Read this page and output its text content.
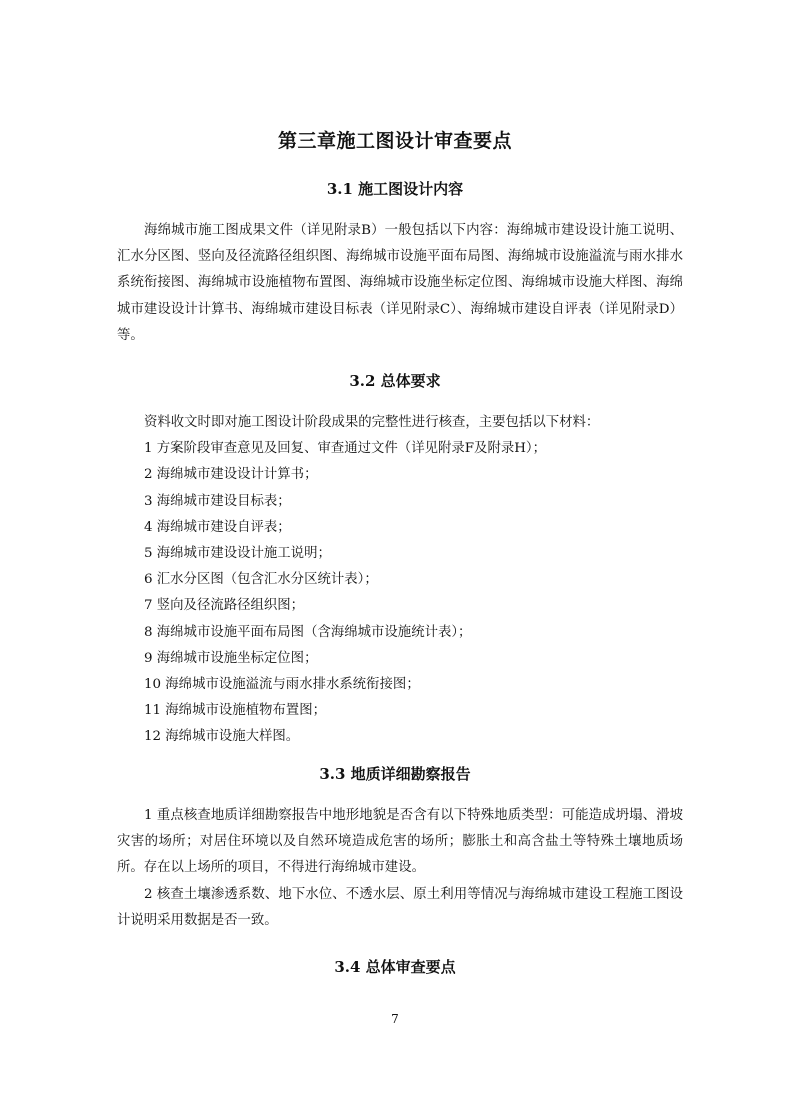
第三章施工图设计审查要点
3.1 施工图设计内容

海绵城市施工图成果文件（详见附录B）一般包括以下内容：海绵城市建设设计施工说明、汇水分区图、竖向及径流路径组织图、海绵城市设施平面布局图、海绵城市设施溢流与雨水排水系统衔接图、海绵城市设施植物布置图、海绵城市设施坐标定位图、海绵城市设施大样图、海绵城市建设设计计算书、海绵城市建设目标表（详见附录C）、海绵城市建设自评表（详见附录D）等。

3.2 总体要求

资料收文时即对施工图设计阶段成果的完整性进行核查，主要包括以下材料：

1 方案阶段审查意见及回复、审查通过文件（详见附录F及附录H）；
2 海绵城市建设设计计算书；
3 海绵城市建设目标表；
4 海绵城市建设自评表；
5 海绵城市建设设计施工说明；
6 汇水分区图（包含汇水分区统计表）；
7 竖向及径流路径组织图；
8 海绵城市设施平面布局图（含海绵城市设施统计表）；
9 海绵城市设施坐标定位图；
10 海绵城市设施溢流与雨水排水系统衔接图；
11 海绵城市设施植物布置图；
12 海绵城市设施大样图。
3.3 地质详细勘察报告

1 重点核查地质详细勘察报告中地形地貌是否含有以下特殊地质类型：可能造成坍塌、滑坡灾害的场所；对居住环境以及自然环境造成危害的场所；膨胀土和高含盐土等特殊土壤地质场所。存在以上场所的项目，不得进行海绵城市建设。

2 核查土壤渗透系数、地下水位、不透水层、原土利用等情况与海绵城市建设工程施工图设计说明采用数据是否一致。

3.4 总体审查要点
7
